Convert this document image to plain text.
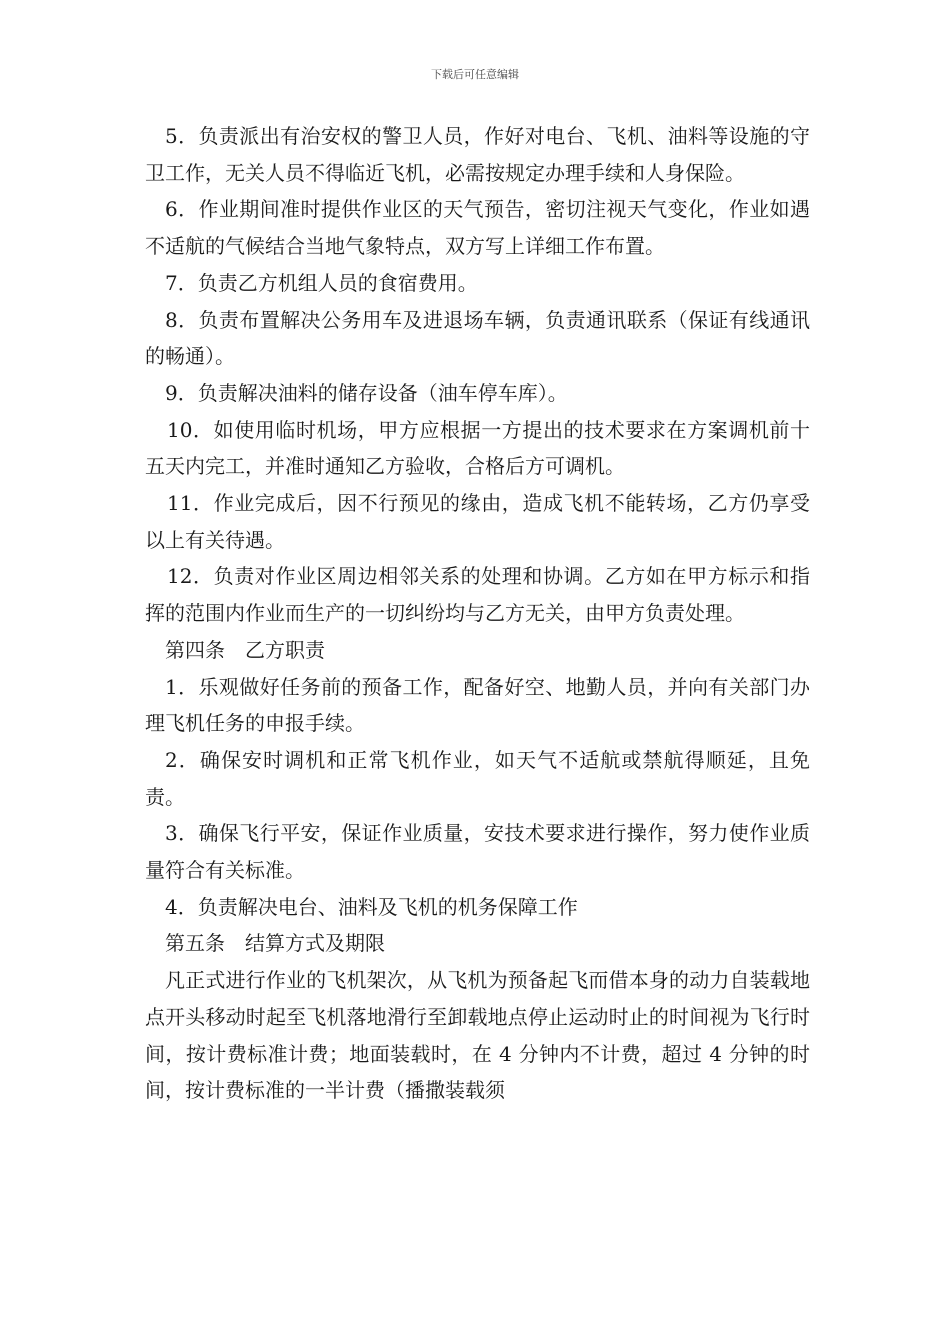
下载后可任意编辑

5．负责派出有治安权的警卫人员，作好对电台、飞机、油料等设施的守卫工作，无关人员不得临近飞机，必需按规定办理手续和人身保险。

6．作业期间准时提供作业区的天气预告，密切注视天气变化，作业如遇不适航的气候结合当地气象特点，双方写上详细工作布置。

7．负责乙方机组人员的食宿费用。

8．负责布置解决公务用车及进退场车辆，负责通讯联系（保证有线通讯的畅通）。

9．负责解决油料的储存设备（油车停车库）。

10．如使用临时机场，甲方应根据一方提出的技术要求在方案调机前十五天内完工，并准时通知乙方验收，合格后方可调机。

11．作业完成后，因不行预见的缘由，造成飞机不能转场，乙方仍享受以上有关待遇。

12．负责对作业区周边相邻关系的处理和协调。乙方如在甲方标示和指挥的范围内作业而生产的一切纠纷均与乙方无关，由甲方负责处理。

第四条 乙方职责

1．乐观做好任务前的预备工作，配备好空、地勤人员，并向有关部门办理飞机任务的申报手续。

2．确保安时调机和正常飞机作业，如天气不适航或禁航得顺延，且免责。

3．确保飞行平安，保证作业质量，安技术要求进行操作，努力使作业质量符合有关标准。

4．负责解决电台、油料及飞机的机务保障工作

第五条 结算方式及期限

凡正式进行作业的飞机架次，从飞机为预备起飞而借本身的动力自装载地点开头移动时起至飞机落地滑行至卸载地点停止运动时止的时间视为飞行时间，按计费标准计费；地面装载时，在 4 分钟内不计费，超过 4 分钟的时间，按计费标准的一半计费（播撒装载须
